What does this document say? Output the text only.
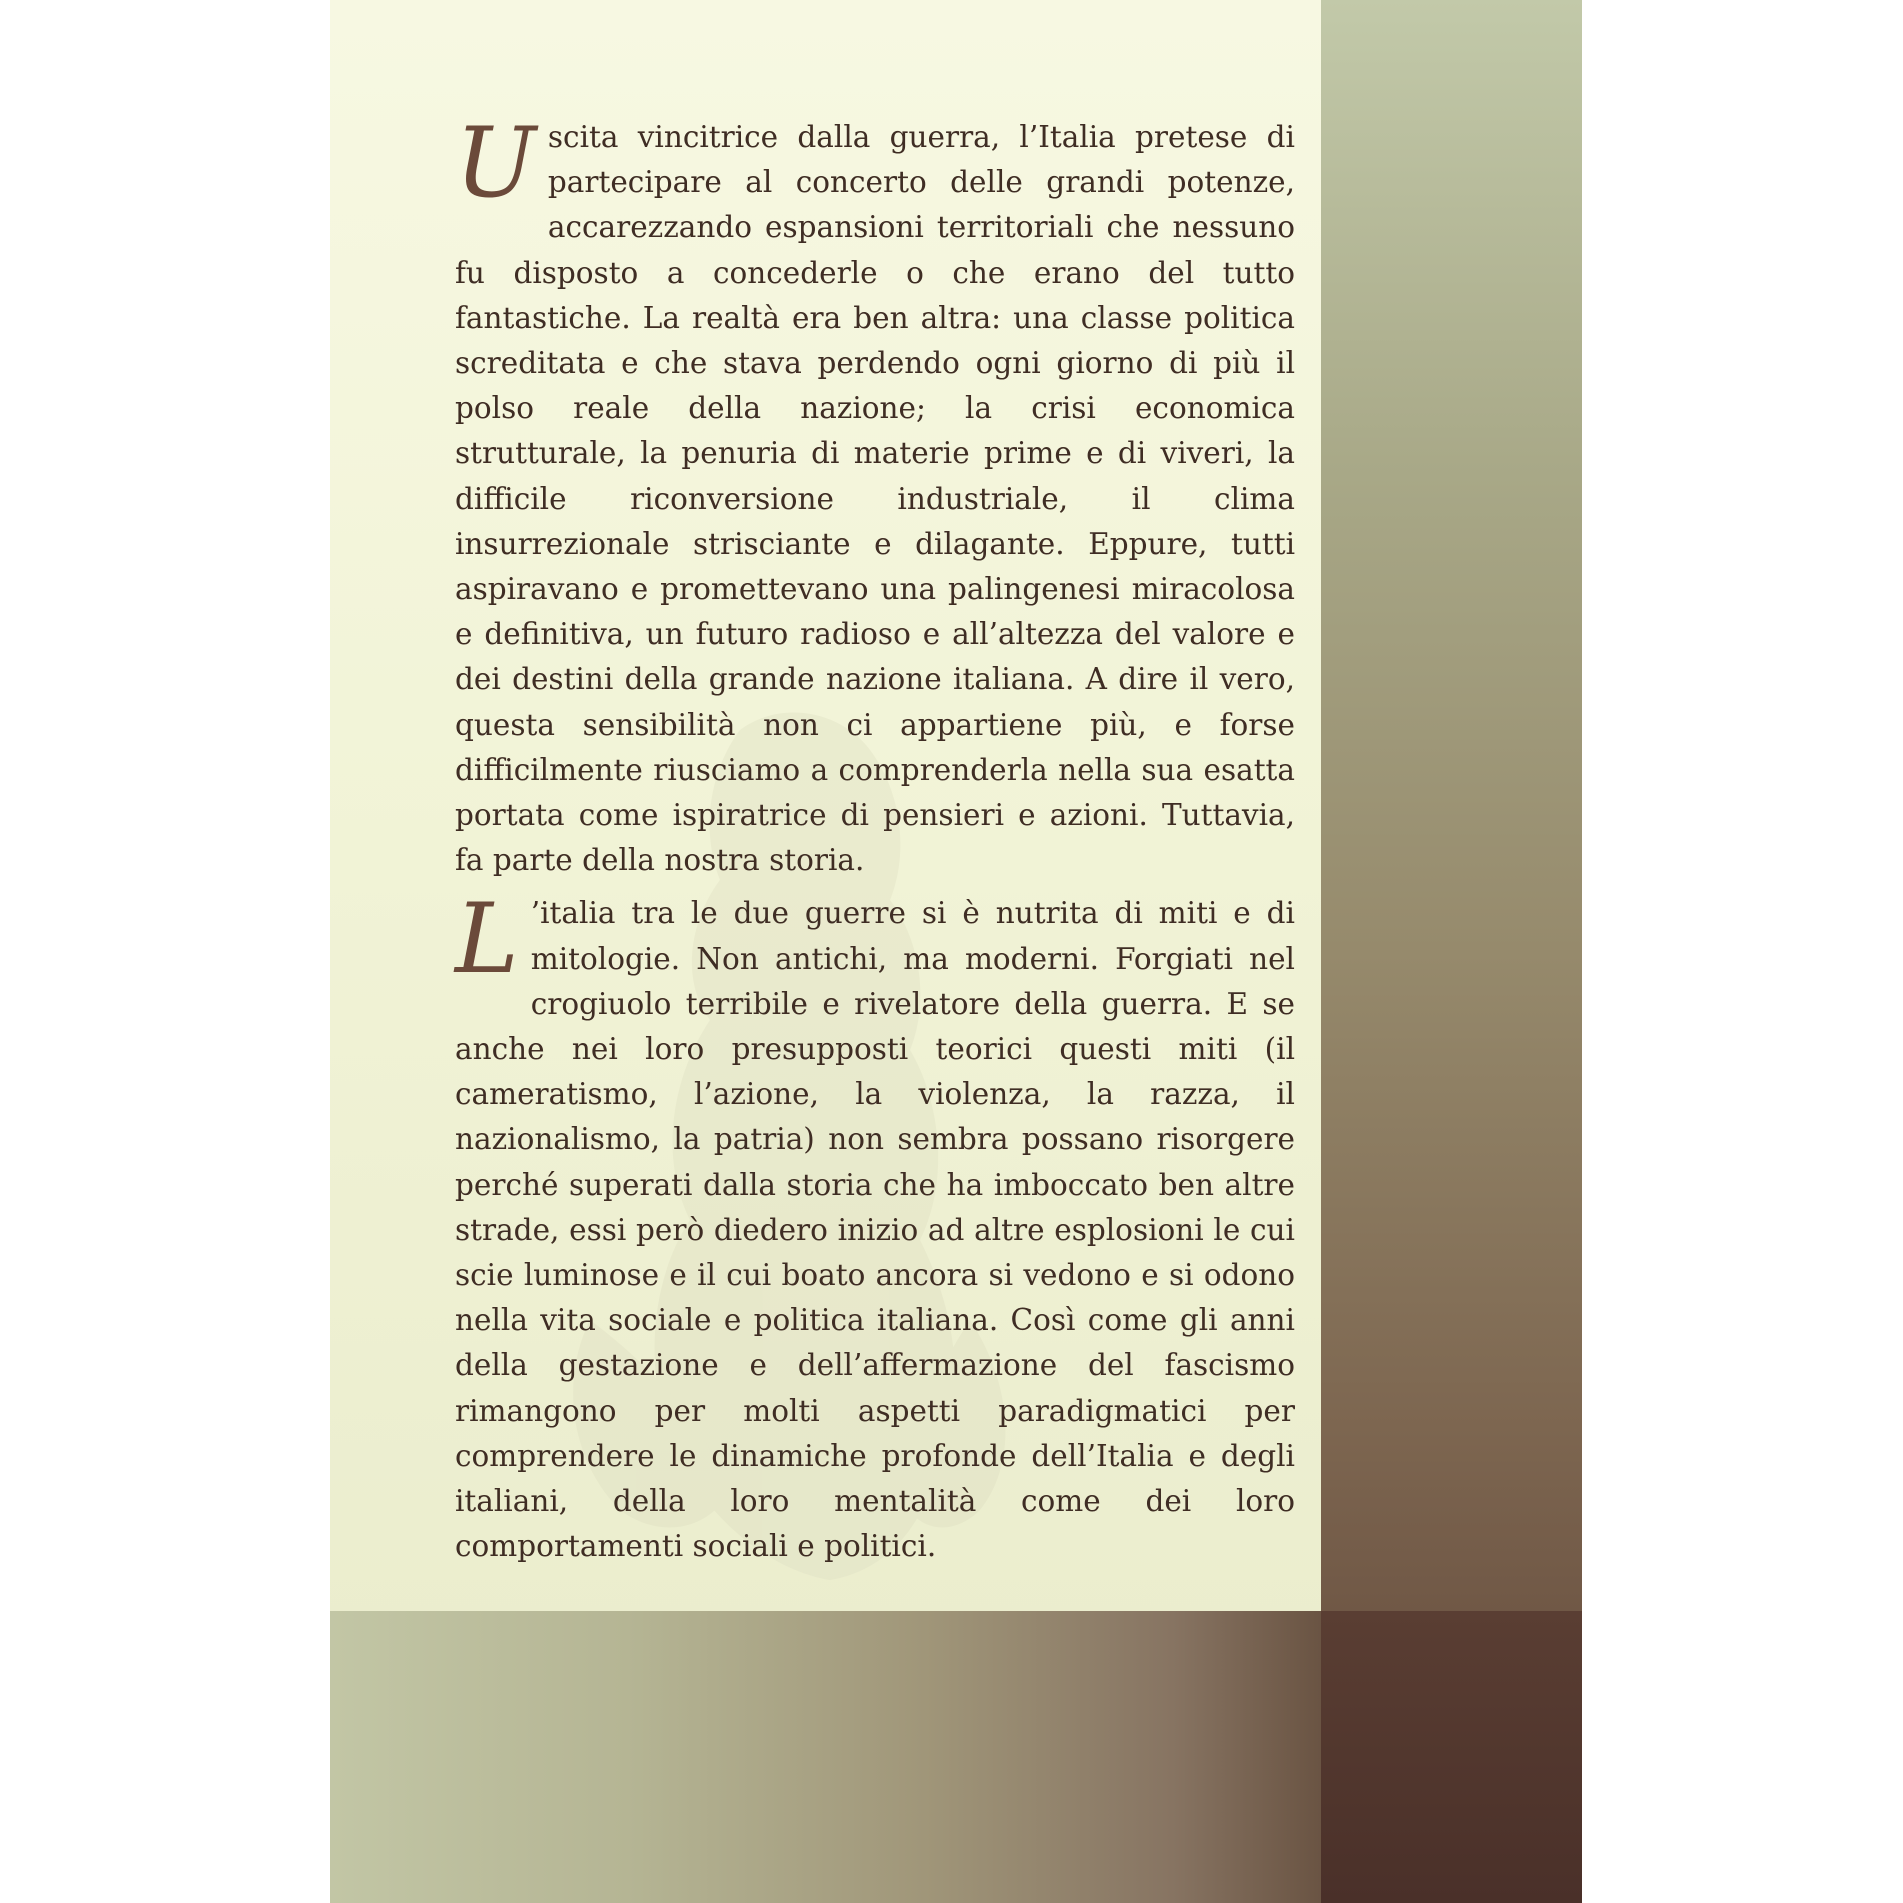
Uscita vincitrice dalla guerra, l’Italia pretese di partecipare al concerto delle grandi potenze, accarezzando espansioni territoriali che nessuno fu disposto a concederle o che erano del tutto fantastiche. La realtà era ben altra: una classe politica screditata e che stava perdendo ogni giorno di più il polso reale della nazione; la crisi economica strutturale, la penuria di materie prime e di viveri, la difficile riconversione industriale, il clima insurrezionale strisciante e dilagante. Eppure, tutti aspiravano e promettevano una palingenesi miracolosa e definitiva, un futuro radioso e all’altezza del valore e dei destini della grande nazione italiana. A dire il vero, questa sensibilità non ci appartiene più, e forse difficilmente riusciamo a comprenderla nella sua esatta portata come ispiratrice di pensieri e azioni. Tuttavia, fa parte della nostra storia.

L ’italia tra le due guerre si è nutrita di miti e di mitologie. Non antichi, ma moderni. Forgiati nel crogiuolo terribile e rivelatore della guerra. E se anche nei loro presupposti teorici questi miti (il cameratismo, l’azione, la violenza, la razza, il nazionalismo, la patria) non sembra possano risorgere perché superati dalla storia che ha imboccato ben altre strade, essi però diedero inizio ad altre esplosioni le cui scie luminose e il cui boato ancora si vedono e si odono nella vita sociale e politica italiana. Così come gli anni della gestazione e dell’affermazione del fascismo rimangono per molti aspetti paradigmatici per comprendere le dinamiche profonde dell’Italia e degli italiani, della loro mentalità come dei loro comportamenti sociali e politici.
